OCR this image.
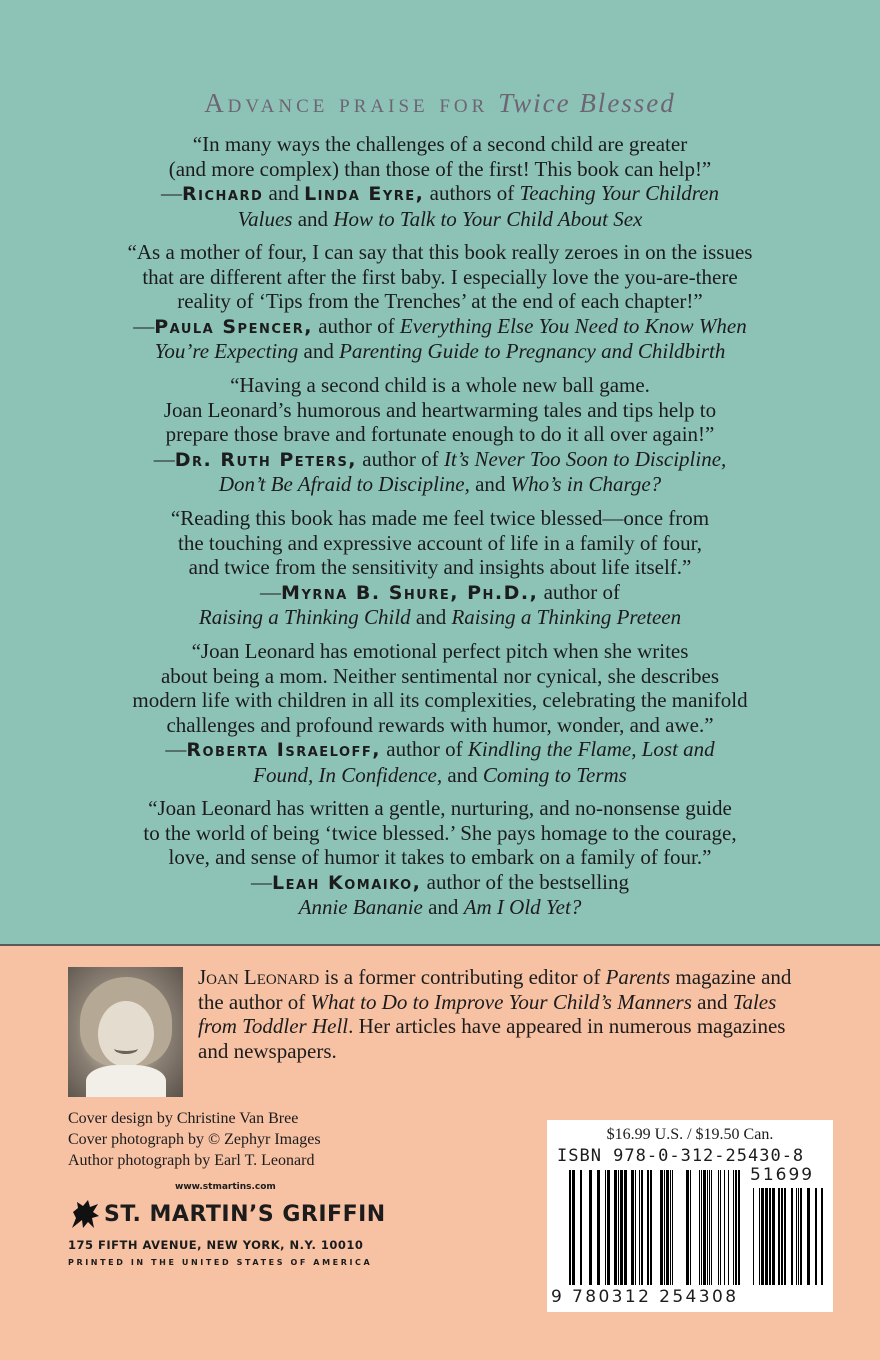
Advance praise for Twice Blessed
“In many ways the challenges of a second child are greater
(and more complex) than those of the first! This book can help!”
—Richard and Linda Eyre, authors of Teaching Your Children
Values and How to Talk to Your Child About Sex
“As a mother of four, I can say that this book really zeroes in on the issues
that are different after the first baby. I especially love the you-are-there
reality of ‘Tips from the Trenches’ at the end of each chapter!”
—Paula Spencer, author of Everything Else You Need to Know When
You’re Expecting and Parenting Guide to Pregnancy and Childbirth
“Having a second child is a whole new ball game.
Joan Leonard’s humorous and heartwarming tales and tips help to
prepare those brave and fortunate enough to do it all over again!”
—Dr. Ruth Peters, author of It’s Never Too Soon to Discipline,
Don’t Be Afraid to Discipline, and Who’s in Charge?
“Reading this book has made me feel twice blessed—once from
the touching and expressive account of life in a family of four,
and twice from the sensitivity and insights about life itself.”
—Myrna B. Shure, Ph.D., author of
Raising a Thinking Child and Raising a Thinking Preteen
“Joan Leonard has emotional perfect pitch when she writes
about being a mom. Neither sentimental nor cynical, she describes
modern life with children in all its complexities, celebrating the manifold
challenges and profound rewards with humor, wonder, and awe.”
—Roberta Israeloff, author of Kindling the Flame, Lost and
Found, In Confidence, and Coming to Terms
“Joan Leonard has written a gentle, nurturing, and no-nonsense guide
to the world of being ‘twice blessed.’ She pays homage to the courage,
love, and sense of humor it takes to embark on a family of four.”
—Leah Komaiko, author of the bestselling
Annie Bananie and Am I Old Yet?
Joan Leonard is a former contributing editor of Parents magazine and the author of What to Do to Improve Your Child’s Manners and Tales from Toddler Hell. Her articles have appeared in numerous magazines and newspapers.
Cover design by Christine Van Bree
Cover photograph by © Zephyr Images
Author photograph by Earl T. Leonard
www.stmartins.com
ST. MARTIN’S GRIFFIN
175 FIFTH AVENUE, NEW YORK, N.Y. 10010
PRINTED IN THE UNITED STATES OF AMERICA
$16.99 U.S. / $19.50 Can.
ISBN 978-0-312-25430-8
51699
9 780312 254308
